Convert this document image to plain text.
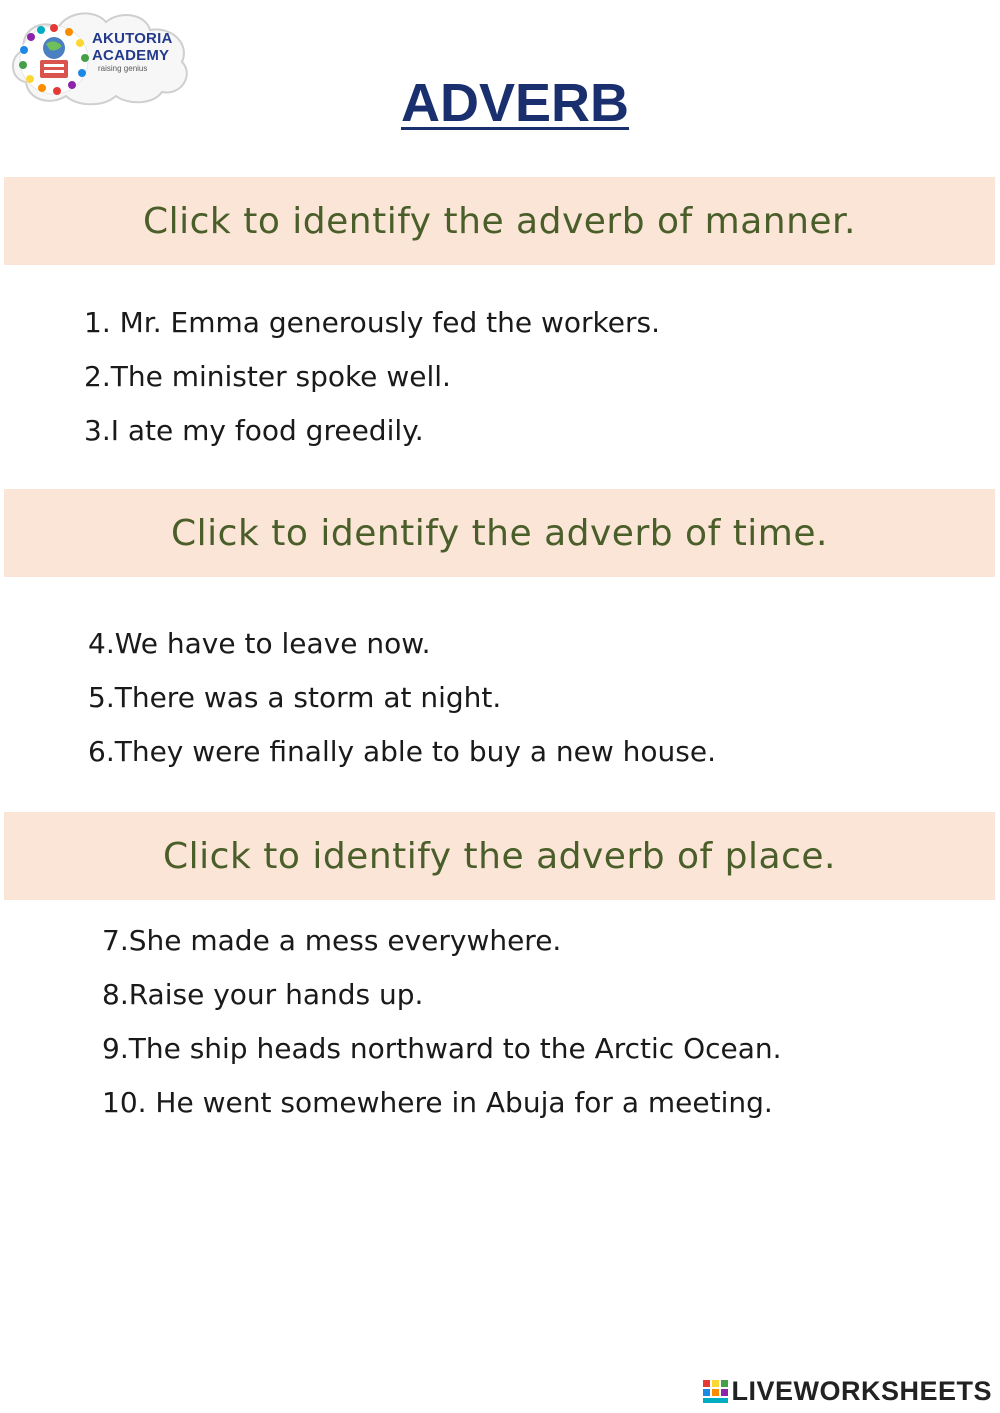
AKUTORIA
ACADEMY
raising genius
ADVERB
Click to identify the adverb of manner.
1. Mr. Emma generously fed the workers.
2.The minister spoke well.
3.I ate my food greedily.
Click to identify the adverb of time.
4.We have to leave now.
5.There was a storm at night.
6.They were finally able to buy a new house.
Click to identify the adverb of place.
7.She made a mess everywhere.
8.Raise your hands up.
9.The ship heads northward to the Arctic Ocean.
10. He went somewhere in Abuja for a meeting.
LIVEWORKSHEETS
